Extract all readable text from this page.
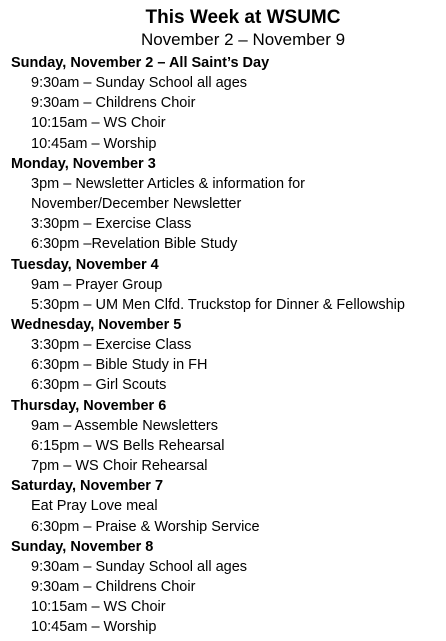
This Week at WSUMC
November 2 – November 9
Sunday, November 2 – All Saint’s Day
9:30am – Sunday School all ages
9:30am – Childrens Choir
10:15am – WS Choir
10:45am – Worship
Monday, November 3
3pm – Newsletter Articles & information for
November/December Newsletter
3:30pm – Exercise Class
6:30pm –Revelation Bible Study
Tuesday, November 4
9am – Prayer Group
5:30pm – UM Men Clfd. Truckstop for Dinner & Fellowship
Wednesday, November 5
3:30pm – Exercise Class
6:30pm – Bible Study in FH
6:30pm – Girl Scouts
Thursday, November 6
9am – Assemble Newsletters
6:15pm – WS Bells Rehearsal
7pm – WS Choir Rehearsal
Saturday, November 7
Eat Pray Love meal
6:30pm – Praise & Worship Service
Sunday, November 8
9:30am – Sunday School all ages
9:30am – Childrens Choir
10:15am – WS Choir
10:45am – Worship
